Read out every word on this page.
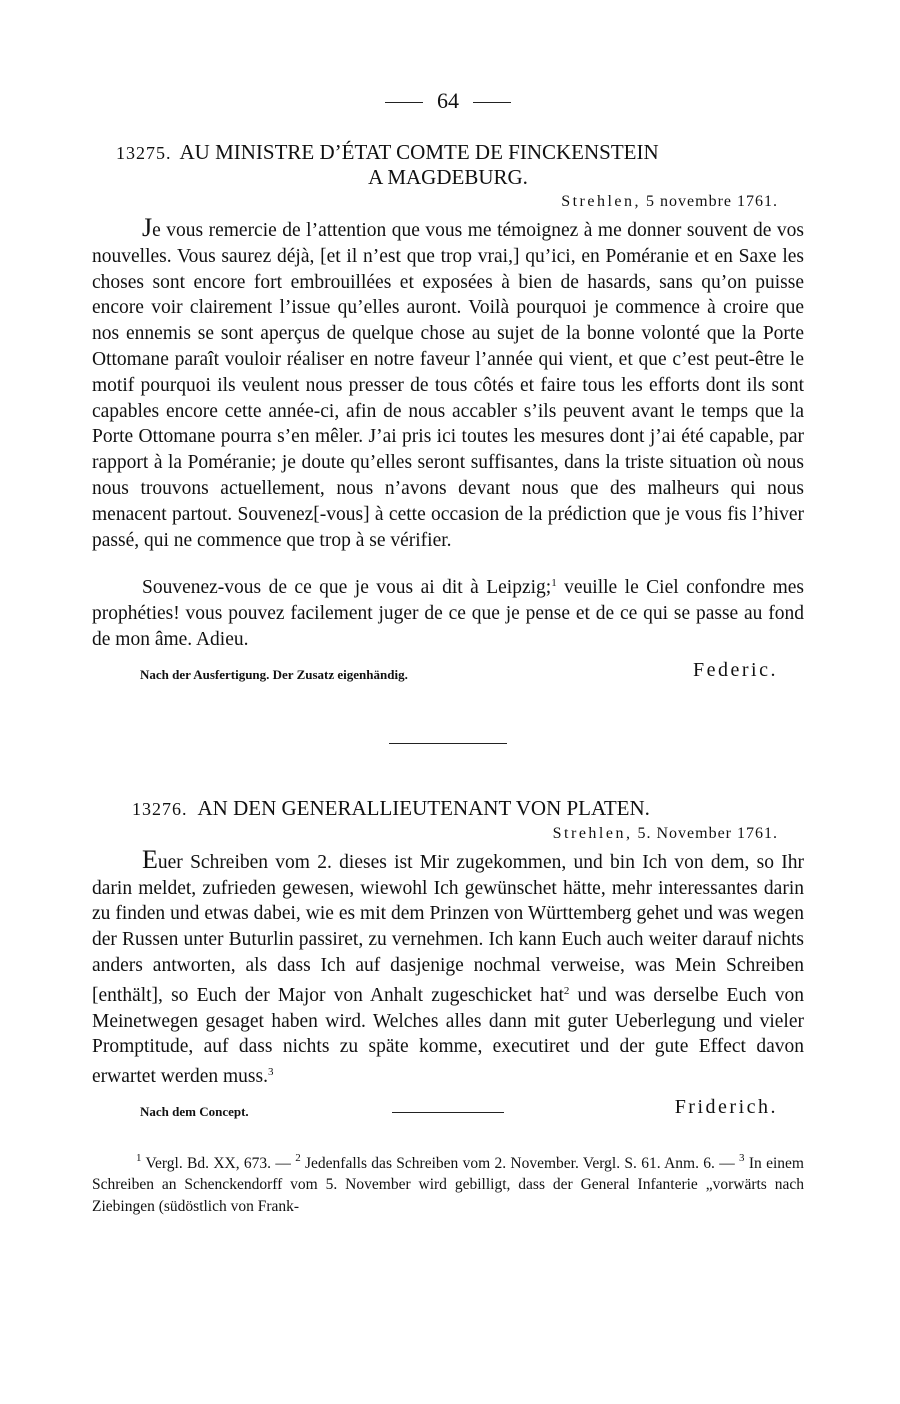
64
13275. AU MINISTRE D’ÉTAT COMTE DE FINCKENSTEIN
A MAGDEBURG.
Strehlen, 5 novembre 1761.

Je vous remercie de l’attention que vous me témoignez à me donner souvent de vos nouvelles. Vous saurez déjà, [et il n’est que trop vrai,] qu’ici, en Poméranie et en Saxe les choses sont encore fort embrouillées et exposées à bien de hasards, sans qu’on puisse encore voir clairement l’issue qu’elles auront. Voilà pourquoi je commence à croire que nos ennemis se sont aperçus de quelque chose au sujet de la bonne volonté que la Porte Ottomane paraît vouloir réaliser en notre faveur l’année qui vient, et que c’est peut-être le motif pourquoi ils veulent nous presser de tous côtés et faire tous les efforts dont ils sont capables encore cette année-ci, afin de nous accabler s’ils peuvent avant le temps que la Porte Ottomane pourra s’en mêler. J’ai pris ici toutes les mesures dont j’ai été capable, par rapport à la Poméranie; je doute qu’elles seront suffisantes, dans la triste situation où nous nous trouvons actuellement, nous n’avons devant nous que des malheurs qui nous menacent partout. Souvenez[-vous] à cette occasion de la prédiction que je vous fis l’hiver passé, qui ne commence que trop à se vérifier.

Souvenez-vous de ce que je vous ai dit à Leipzig;$^1$ veuille le Ciel confondre mes prophéties! vous pouvez facilement juger de ce que je pense et de ce qui se passe au fond de mon âme. Adieu.

Nach der Ausfertigung. Der Zusatz eigenhändig.	Federic.
13276. AN DEN GENERALLIEUTENANT VON PLATEN.
Strehlen, 5. November 1761.

Euer Schreiben vom 2. dieses ist Mir zugekommen, und bin Ich von dem, so Ihr darin meldet, zufrieden gewesen, wiewohl Ich gewünschet hätte, mehr interessantes darin zu finden und etwas dabei, wie es mit dem Prinzen von Württemberg gehet und was wegen der Russen unter Buturlin passiret, zu vernehmen. Ich kann Euch auch weiter darauf nichts anders antworten, als dass Ich auf dasjenige nochmal verweise, was Mein Schreiben [enthält], so Euch der Major von Anhalt zugeschicket hat$^2$ und was derselbe Euch von Meinetwegen gesaget haben wird. Welches alles dann mit guter Ueberlegung und vieler Promptitude, auf dass nichts zu späte komme, executiret und der gute Effect davon erwartet werden muss.$^3$

Nach dem Concept.	Friderich.

$^1$ Vergl. Bd. XX, 673. — $^2$ Jedenfalls das Schreiben vom 2. November. Vergl. S. 61. Anm. 6. — $^3$ In einem Schreiben an Schenckendorff vom 5. November wird gebilligt, dass der General Infanterie „vorwärts nach Ziebingen (südöstlich von Frank-
